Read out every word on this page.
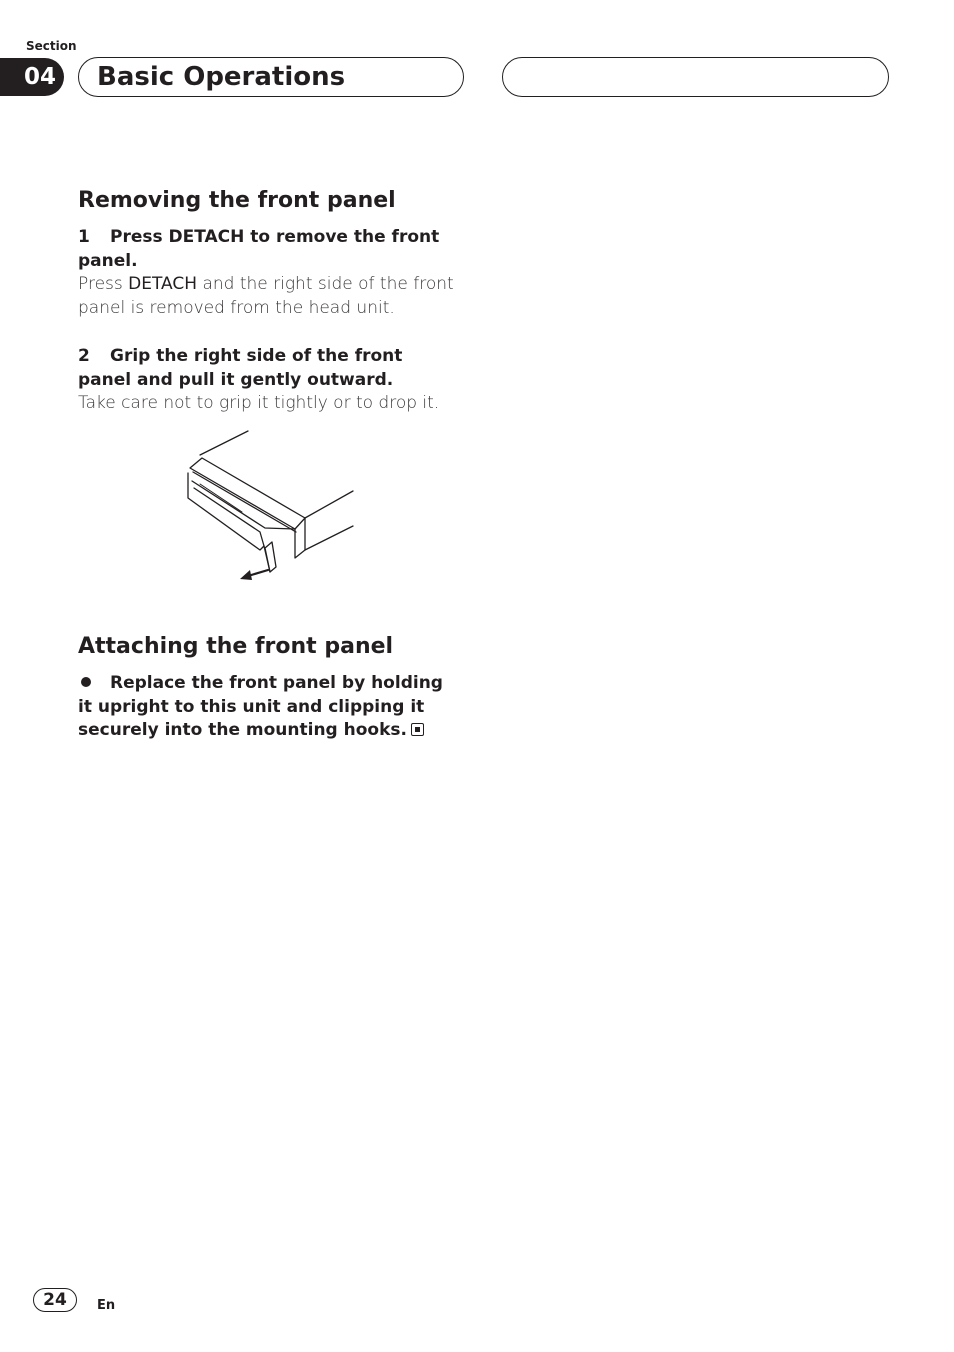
Section
04	Basic Operations
Removing the front panel

1 Press DETACH to remove the front panel.

Press DETACH and the right side of the front panel is removed from the head unit.

2 Grip the right side of the front panel and pull it gently outward.

Take care not to grip it tightly or to drop it.

Attaching the front panel

Replace the front panel by holding it upright to this unit and clipping it securely into the mounting hooks.

24	En
